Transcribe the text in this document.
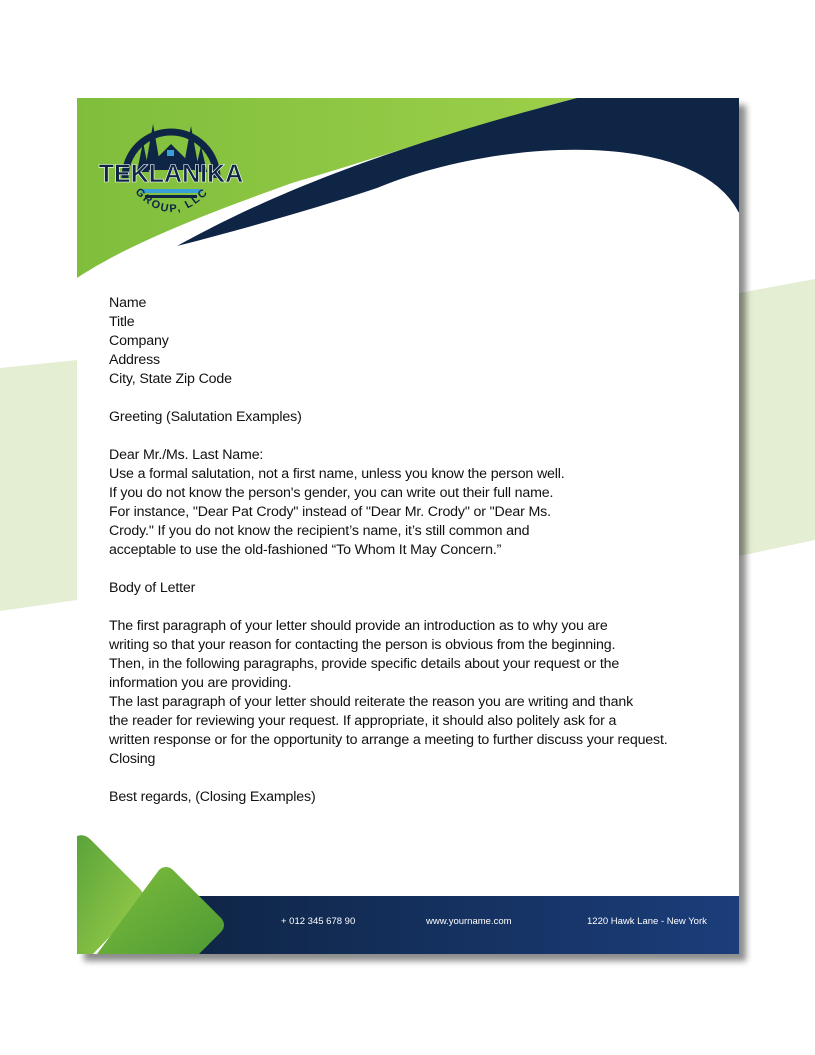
TEKLANIKA
GROUP, LLC
Name
Title
Company
Address
City, State Zip Code
Greeting (Salutation Examples)
Dear Mr./Ms. Last Name:
Use a formal salutation, not a first name, unless you know the person well.
If you do not know the person's gender, you can write out their full name.
For instance, "Dear Pat Crody" instead of "Dear Mr. Crody" or "Dear Ms.
Crody." If you do not know the recipient’s name, it’s still common and
acceptable to use the old-fashioned “To Whom It May Concern.”
Body of Letter
The first paragraph of your letter should provide an introduction as to why you are
writing so that your reason for contacting the person is obvious from the beginning.
Then, in the following paragraphs, provide specific details about your request or the
information you are providing.
The last paragraph of your letter should reiterate the reason you are writing and thank
the reader for reviewing your request. If appropriate, it should also politely ask for a
written response or for the opportunity to arrange a meeting to further discuss your request.
Closing
Best regards, (Closing Examples)
+ 012 345 678 90	www.yourname.com	1220 Hawk Lane - New York
